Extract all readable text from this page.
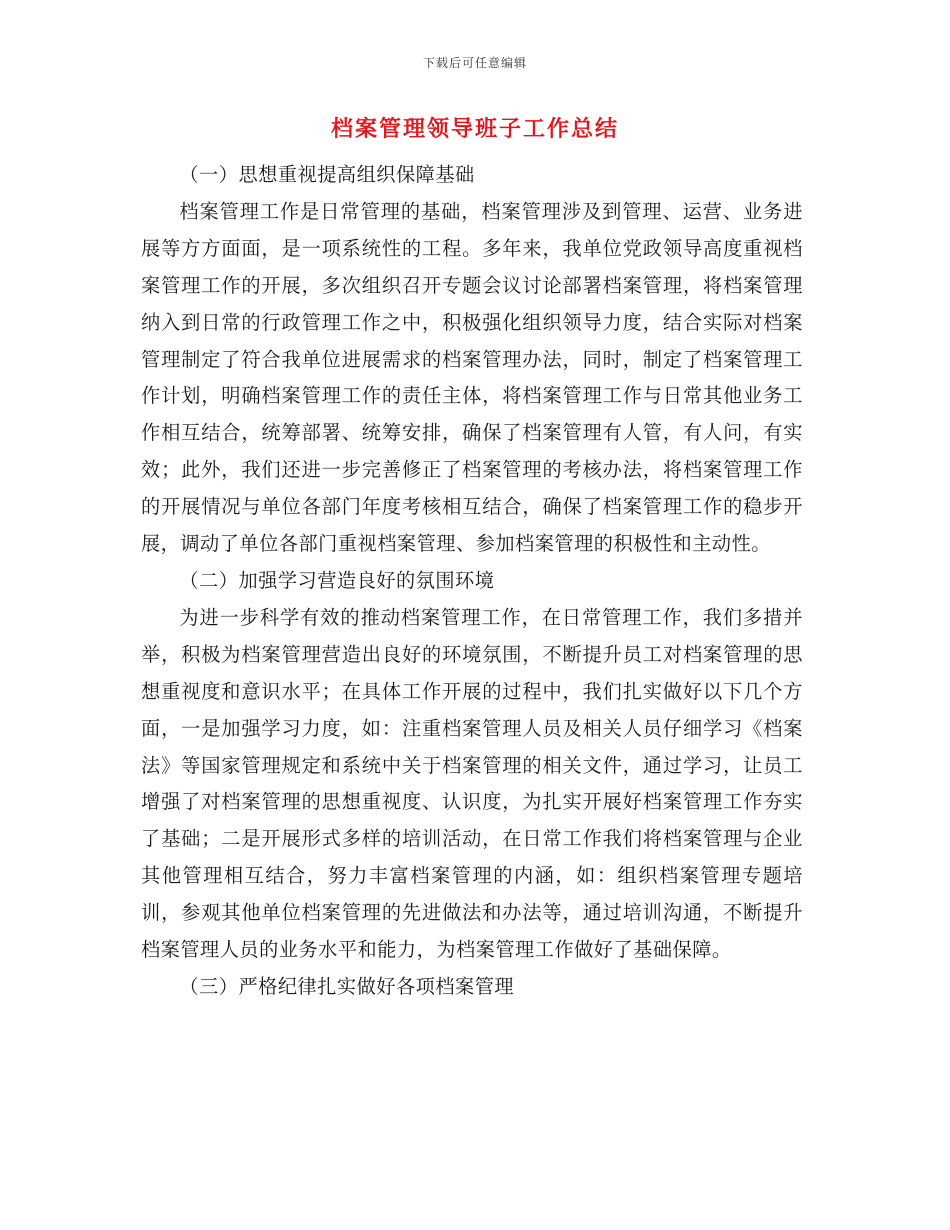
下载后可任意编辑
档案管理领导班子工作总结

（一）思想重视提高组织保障基础

档案管理工作是日常管理的基础，档案管理涉及到管理、运营、业务进展等方方面面，是一项系统性的工程。多年来，我单位党政领导高度重视档案管理工作的开展，多次组织召开专题会议讨论部署档案管理，将档案管理纳入到日常的行政管理工作之中，积极强化组织领导力度，结合实际对档案管理制定了符合我单位进展需求的档案管理办法，同时，制定了档案管理工作计划，明确档案管理工作的责任主体，将档案管理工作与日常其他业务工作相互结合，统筹部署、统筹安排，确保了档案管理有人管，有人问，有实效；此外，我们还进一步完善修正了档案管理的考核办法，将档案管理工作的开展情况与单位各部门年度考核相互结合，确保了档案管理工作的稳步开展，调动了单位各部门重视档案管理、参加档案管理的积极性和主动性。

（二）加强学习营造良好的氛围环境

为进一步科学有效的推动档案管理工作，在日常管理工作，我们多措并举，积极为档案管理营造出良好的环境氛围，不断提升员工对档案管理的思想重视度和意识水平；在具体工作开展的过程中，我们扎实做好以下几个方面，一是加强学习力度，如：注重档案管理人员及相关人员仔细学习《档案法》等国家管理规定和系统中关于档案管理的相关文件，通过学习，让员工增强了对档案管理的思想重视度、认识度，为扎实开展好档案管理工作夯实了基础；二是开展形式多样的培训活动，在日常工作我们将档案管理与企业其他管理相互结合，努力丰富档案管理的内涵，如：组织档案管理专题培训，参观其他单位档案管理的先进做法和办法等，通过培训沟通，不断提升档案管理人员的业务水平和能力，为档案管理工作做好了基础保障。

（三）严格纪律扎实做好各项档案管理
